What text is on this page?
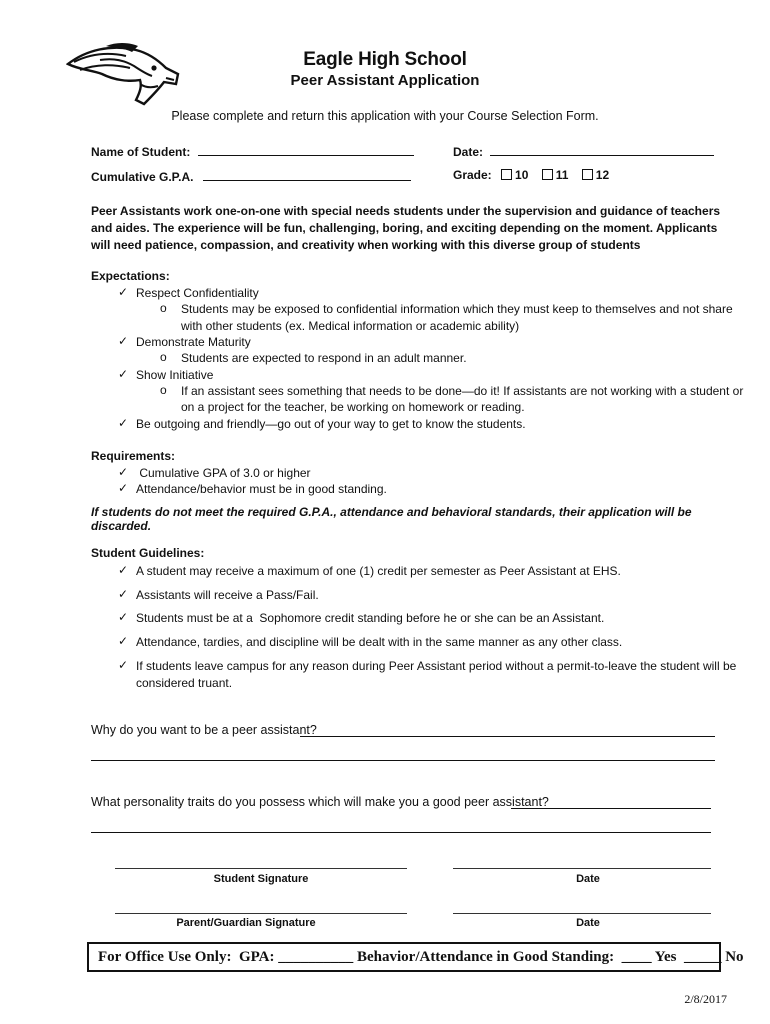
Eagle High School
Peer Assistant Application
Please complete and return this application with your Course Selection Form.
Name of Student:	Date:
Cumulative G.P.A.	Grade: 10 11 12
Peer Assistants work one-on-one with special needs students under the supervision and guidance of teachers and aides. The experience will be fun, challenging, boring, and exciting depending on the moment. Applicants will need patience, compassion, and creativity when working with this diverse group of students
Expectations:
✓ Respect Confidentiality
o Students may be exposed to confidential information which they must keep to themselves and not share
with other students (ex. Medical information or academic ability)
✓ Demonstrate Maturity
o Students are expected to respond in an adult manner.
✓ Show Initiative
o If an assistant sees something that needs to be done—do it! If assistants are not working with a student or
on a project for the teacher, be working on homework or reading.
✓ Be outgoing and friendly—go out of your way to get to know the students.
Requirements:
✓ Cumulative GPA of 3.0 or higher
✓ Attendance/behavior must be in good standing.
If students do not meet the required G.P.A., attendance and behavioral standards, their application will be discarded.
Student Guidelines:
✓ A student may receive a maximum of one (1) credit per semester as Peer Assistant at EHS.
✓ Assistants will receive a Pass/Fail.
✓ Students must be at a  Sophomore credit standing before he or she can be an Assistant.
✓ Attendance, tardies, and discipline will be dealt with in the same manner as any other class.
✓ If students leave campus for any reason during Peer Assistant period without a permit-to-leave the student will be
considered truant.
Why do you want to be a peer assistant?
What personality traits do you possess which will make you a good peer assistant?
Student Signature	Date
Parent/Guardian Signature	Date
For Office Use Only:  GPA: __________ Behavior/Attendance in Good Standing:  ____ Yes  _____ No
2/8/2017
